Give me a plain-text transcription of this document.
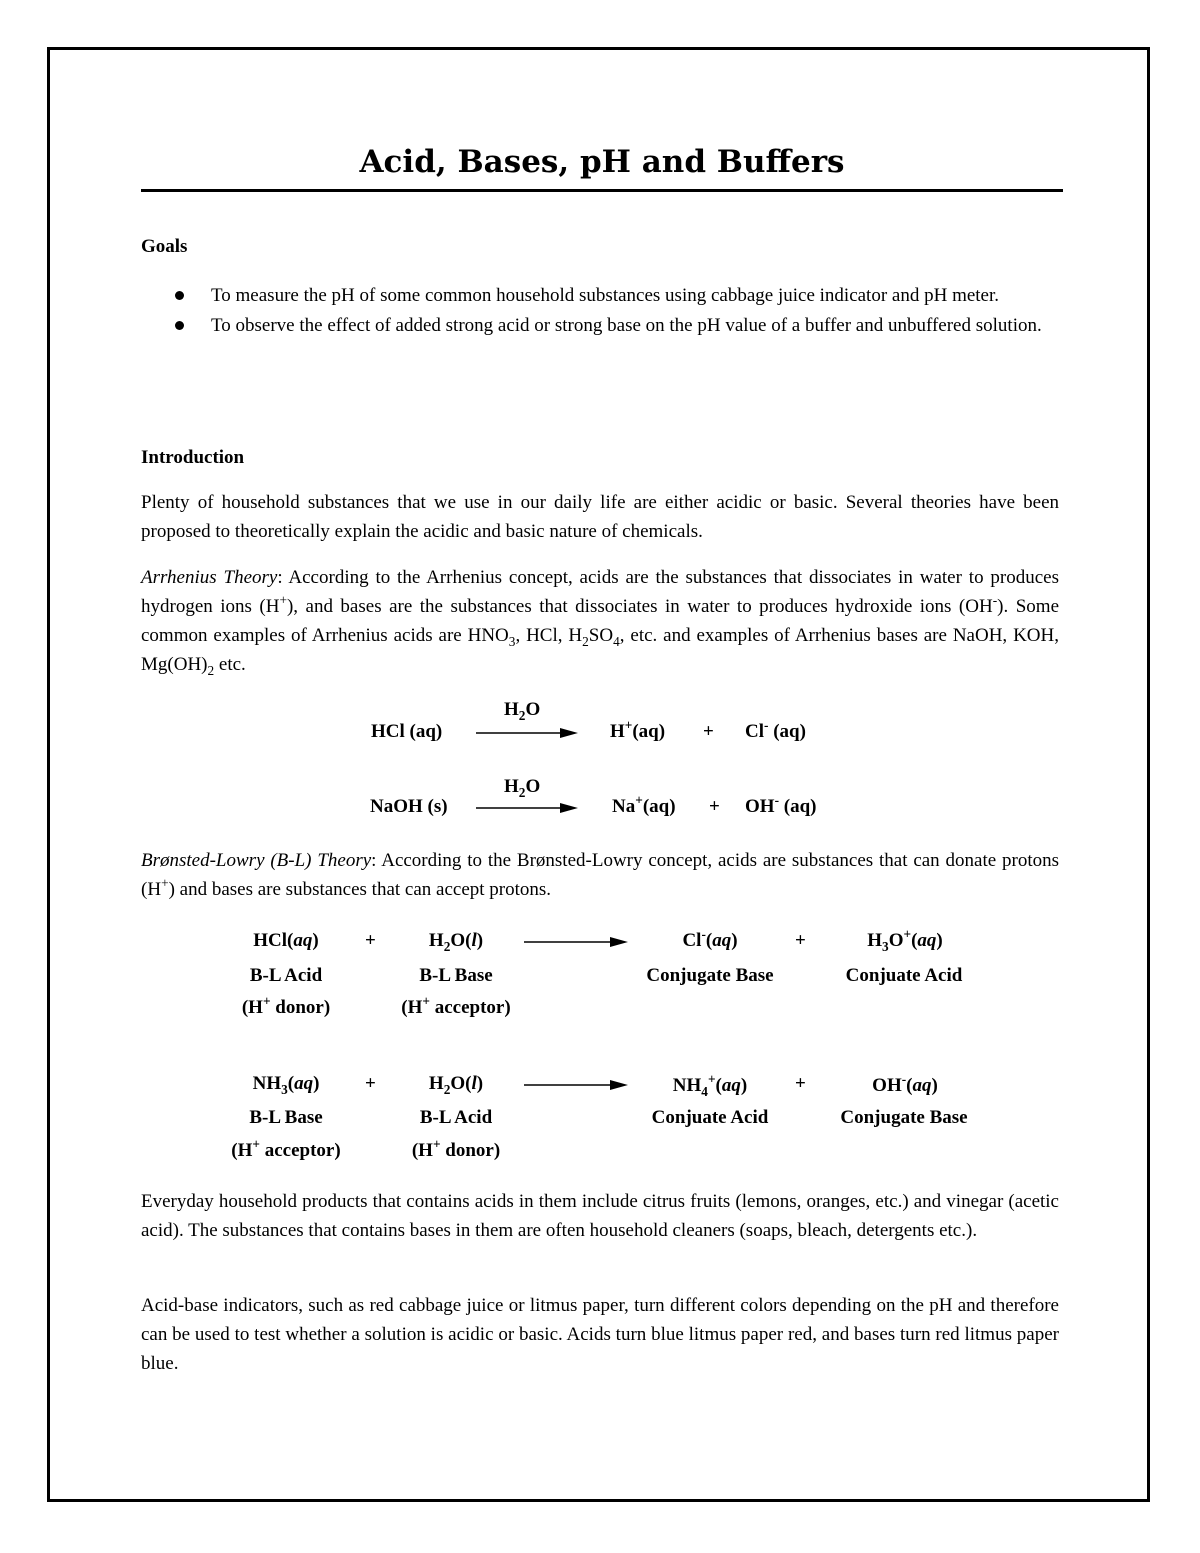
Acid, Bases, pH and Buffers
Goals
To measure the pH of some common household substances using cabbage juice indicator and pH meter.
To observe the effect of added strong acid or strong base on the pH value of a buffer and unbuffered solution.
Introduction
Plenty of household substances that we use in our daily life are either acidic or basic. Several theories have been proposed to theoretically explain the acidic and basic nature of chemicals.
Arrhenius Theory: According to the Arrhenius concept, acids are the substances that dissociates in water to produces hydrogen ions (H+), and bases are the substances that dissociates in water to produces hydroxide ions (OH-). Some common examples of Arrhenius acids are $HNO_3$, HCl, $H_2SO_4$, etc. and examples of Arrhenius bases are NaOH, KOH, $Mg(OH)_2$ etc.
HCl (aq)
$H_2O$
H+(aq) + Cl- (aq)
NaOH (s)
$H_2O$
Na+(aq) + OH- (aq)
Brønsted-Lowry (B-L) Theory: According to the Brønsted-Lowry concept, acids are substances that can donate protons (H+) and bases are substances that can accept protons.
HCl(aq)	+	$H_2O(l)$	Cl-(aq)	+	$H_3O^+(aq)$
B-L Acid	B-L Base	Conjugate Base	Conjuate Acid
(H+ donor)	(H+ acceptor)
$NH_3(aq)$	+	$H_2O(l)$	$NH_4^+(aq)$	+	OH-(aq)
B-L Base	B-L Acid	Conjuate Acid	Conjugate Base
(H+ acceptor)	(H+ donor)
Everyday household products that contains acids in them include citrus fruits (lemons, oranges, etc.) and vinegar (acetic acid). The substances that contains bases in them are often household cleaners (soaps, bleach, detergents etc.).
Acid-base indicators, such as red cabbage juice or litmus paper, turn different colors depending on the pH and therefore can be used to test whether a solution is acidic or basic. Acids turn blue litmus paper red, and bases turn red litmus paper blue.
